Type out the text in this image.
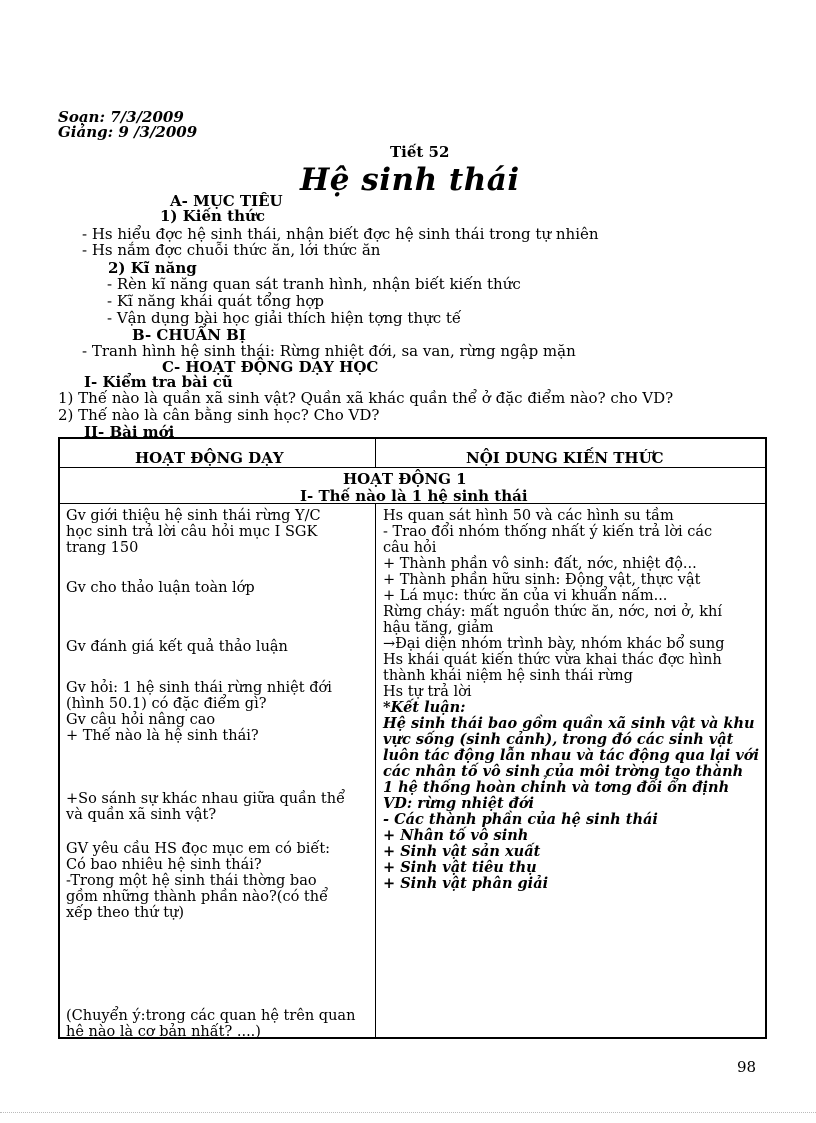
Soạn: 7/3/2009
Giảng: 9 /3/2009
Tiết 52
Hệ sinh thái
A- MỤC TIÊU
1) Kiến thức
- Hs hiểu đợc hệ sinh thái, nhận biết đợc hệ sinh thái trong tự nhiên
- Hs nắm đợc chuỗi thức ăn, lới thức ăn
2) Kĩ năng
- Rèn kĩ năng quan sát tranh hình, nhận biết kiến thức
- Kĩ năng khái quát tổng hợp
- Vận dụng bài học giải thích hiện tợng thực tế
B- CHUẨN BỊ
- Tranh hình hệ sinh thái: Rừng nhiệt đới, sa van, rừng ngập mặn
C- HOẠT ĐỘNG DẠY HỌC
I- Kiểm tra bài cũ
1) Thế nào là quần xã sinh vật? Quần xã khác quần thể ở đặc điểm nào? cho VD?
2) Thế nào là cân bằng sinh học? Cho VD?
II- Bài mới
HOẠT ĐỘNG DẠY	NỘI DUNG KIẾN THỨC
HOẠT ĐỘNG 1
I- Thế nào là 1 hệ sinh thái
Gv giới thiệu hệ sinh thái rừng Y/C
học sinh trả lời câu hỏi mục I SGK
trang 150
Gv cho thảo luận toàn lớp
Gv đánh giá kết quả thảo luận
Gv hỏi: 1 hệ sinh thái rừng nhiệt đới
(hình 50.1) có đặc điểm gì?
Gv câu hỏi nâng cao
+ Thế nào là hệ sinh thái?
+So sánh sự khác nhau giữa quần thể
và quần xã sinh vật?
GV yêu cầu HS đọc mục em có biết:
Có bao nhiêu hệ sinh thái?
-Trong một hệ sinh thái thờng bao
gồm những thành phần nào?(có thể
xếp theo thứ tự)
(Chuyển ý:trong các quan hệ trên quan
hệ nào là cơ bản nhất? ....)
Hs quan sát hình 50 và các hình su tầm
- Trao đổi nhóm thống nhất ý kiến trả lời các
câu hỏi
+ Thành phần vô sinh: đất, nớc, nhiệt độ...
+ Thành phần hữu sinh: Động vật, thực vật
+ Lá mục: thức ăn của vi khuẩn nấm...
Rừng cháy: mất nguồn thức ăn, nớc, nơi ở, khí
hậu tăng, giảm
→Đại diện nhóm trình bày, nhóm khác bổ sung
Hs khái quát kiến thức vừa khai thác đợc hình
thành khái niệm hệ sinh thái rừng
Hs tự trả lời
*Kết luận:
Hệ sinh thái bao gồm quần xã sinh vật và khu
vực sống (sinh cảnh), trong đó các sinh vật
luôn tác động lẫn nhau và tác động qua lại với
các nhân tố vô sinh của môi trờng tạo thành
1 hệ thống hoàn chỉnh và tơng đối ổn định
VD: rừng nhiệt đới
- Các thành phần của hệ sinh thái
+ Nhân tố vô sinh
+ Sinh vật sản xuất
+ Sinh vật tiêu thụ
+ Sinh vật phân giải
98
